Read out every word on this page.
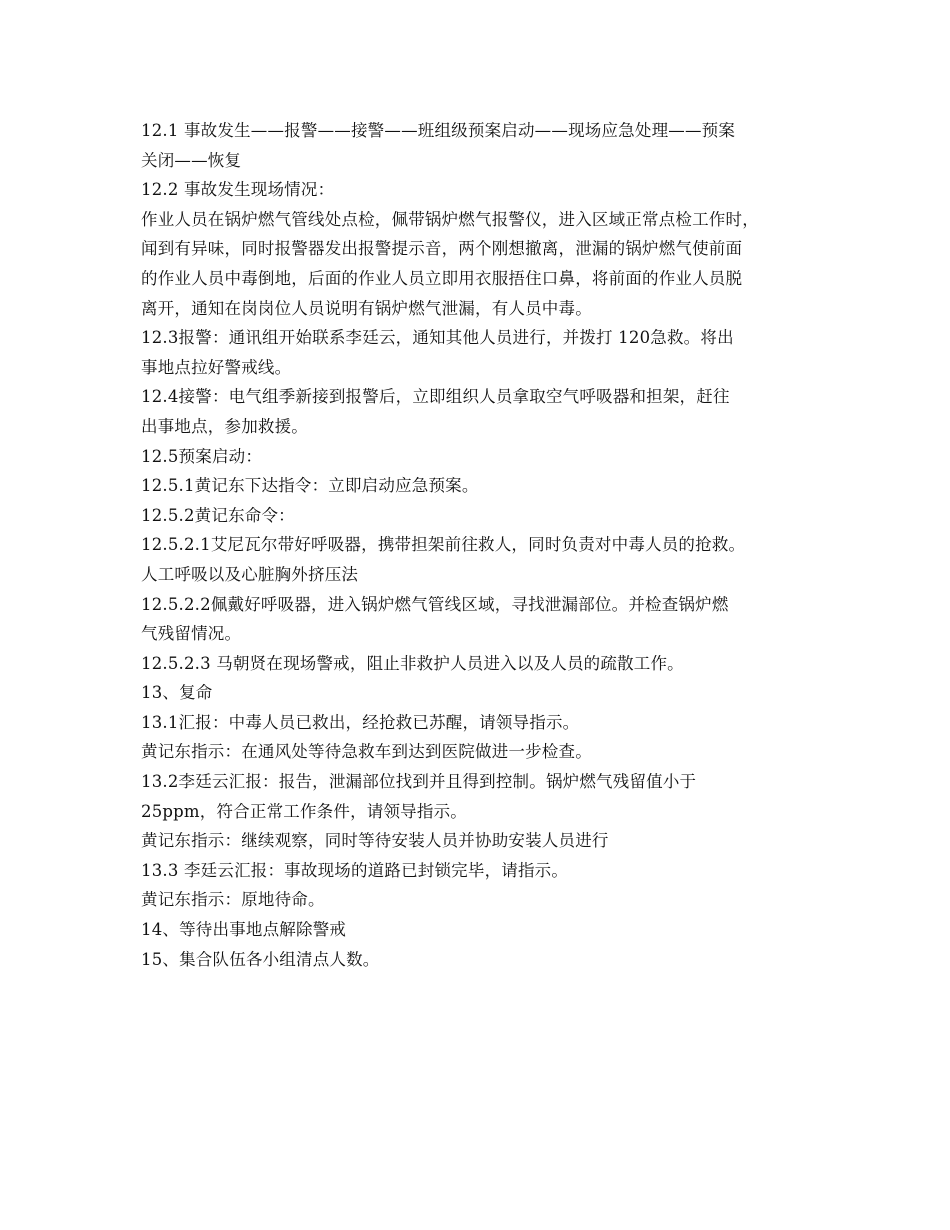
12.1 事故发生——报警——接警——班组级预案启动——现场应急处理——预案

关闭——恢复

12.2 事故发生现场情况：

作业人员在锅炉燃气管线处点检，佩带锅炉燃气报警仪，进入区域正常点检工作时，

闻到有异味，同时报警器发出报警提示音，两个刚想撤离，泄漏的锅炉燃气使前面

的作业人员中毒倒地，后面的作业人员立即用衣服捂住口鼻，将前面的作业人员脱

离开，通知在岗岗位人员说明有锅炉燃气泄漏，有人员中毒。

12.3报警：通讯组开始联系李廷云，通知其他人员进行，并拨打 120急救。将出

事地点拉好警戒线。

12.4接警：电气组季新接到报警后，立即组织人员拿取空气呼吸器和担架，赶往

出事地点，参加救援。

12.5预案启动：

12.5.1黄记东下达指令：立即启动应急预案。

12.5.2黄记东命令：

12.5.2.1艾尼瓦尔带好呼吸器，携带担架前往救人，同时负责对中毒人员的抢救。

人工呼吸以及心脏胸外挤压法

12.5.2.2佩戴好呼吸器，进入锅炉燃气管线区域，寻找泄漏部位。并检查锅炉燃

气残留情况。

12.5.2.3 马朝贤在现场警戒，阻止非救护人员进入以及人员的疏散工作。

13、复命

13.1汇报：中毒人员已救出，经抢救已苏醒，请领导指示。

黄记东指示：在通风处等待急救车到达到医院做进一步检查。

13.2李廷云汇报：报告，泄漏部位找到并且得到控制。锅炉燃气残留值小于

25ppm，符合正常工作条件，请领导指示。

黄记东指示：继续观察，同时等待安装人员并协助安装人员进行

13.3 李廷云汇报：事故现场的道路已封锁完毕，请指示。

黄记东指示：原地待命。

14、等待出事地点解除警戒

15、集合队伍各小组清点人数。
